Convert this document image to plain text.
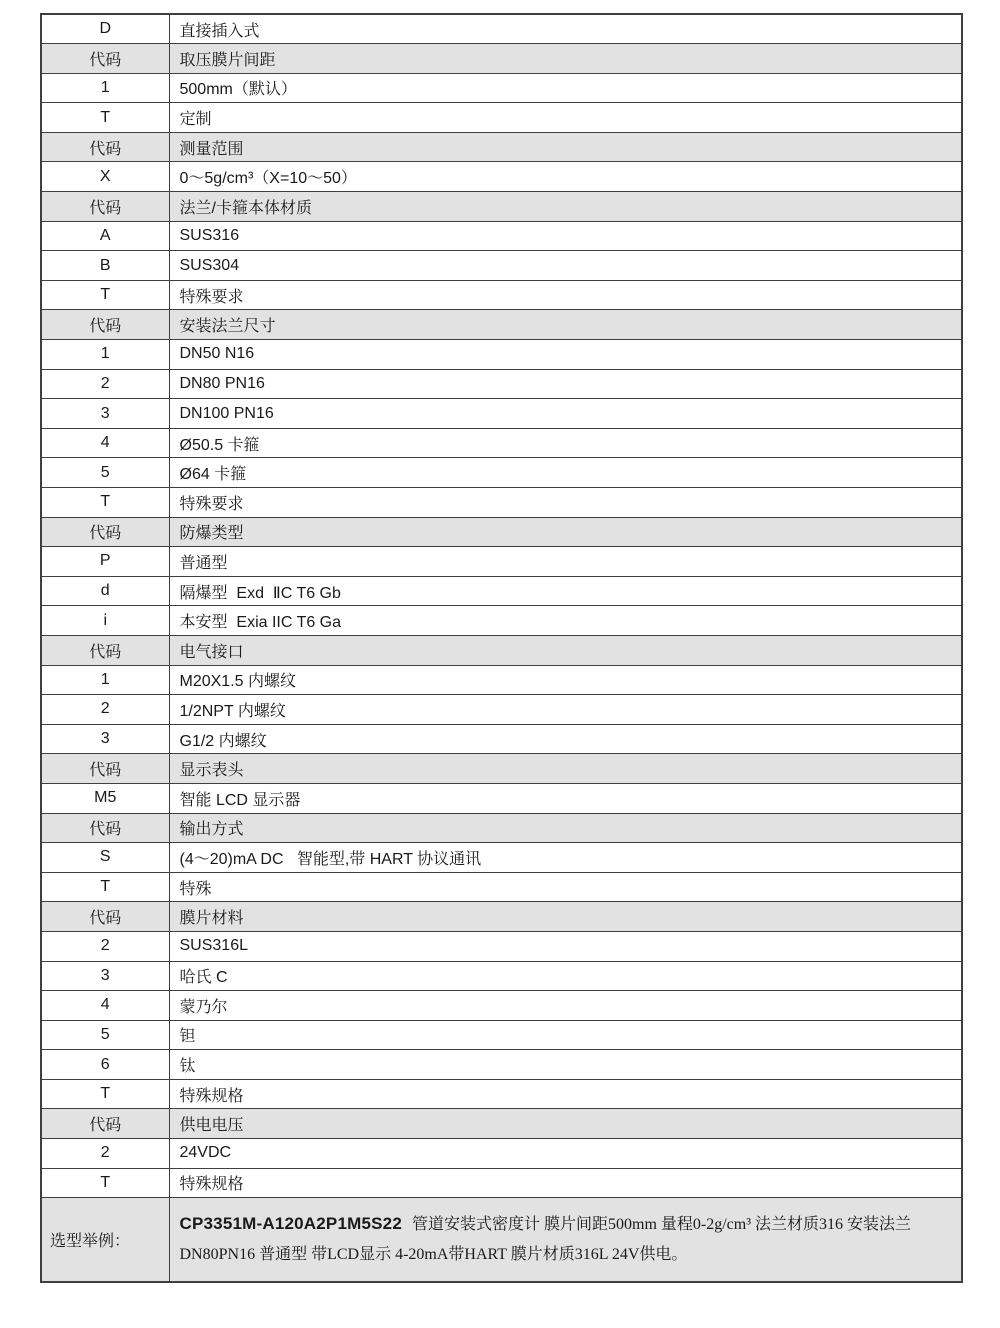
D	直接插入式
代码	取压膜片间距
1	500mm（默认）
T	定制
代码	测量范围
X	0～5g/cm³（X=10～50）
代码	法兰/卡箍本体材质
A	SUS316
B	SUS304
T	特殊要求
代码	安装法兰尺寸
1	DN50 N16
2	DN80 PN16
3	DN100 PN16
4	Ø50.5 卡箍
5	Ø64 卡箍
T	特殊要求
代码	防爆类型
P	普通型
d	隔爆型  Exd  ⅡC T6 Gb
i	本安型  Exia IIC T6 Ga
代码	电气接口
1	M20X1.5 内螺纹
2	1/2NPT 内螺纹
3	G1/2 内螺纹
代码	显示表头
M5	智能 LCD 显示器
代码	输出方式
S	(4～20)mA DC   智能型,带 HART 协议通讯
T	特殊
代码	膜片材料
2	SUS316L
3	哈氏 C
4	蒙乃尔
5	钽
6	钛
T	特殊规格
代码	供电电压
2	24VDC
T	特殊规格
选型举例：	CP3351M-A120A2P1M5S22 管道安装式密度计 膜片间距500mm 量程0-2g/cm³ 法兰材质316 安装法兰DN80PN16 普通型 带LCD显示 4-20mA带HART 膜片材质316L 24V供电。
